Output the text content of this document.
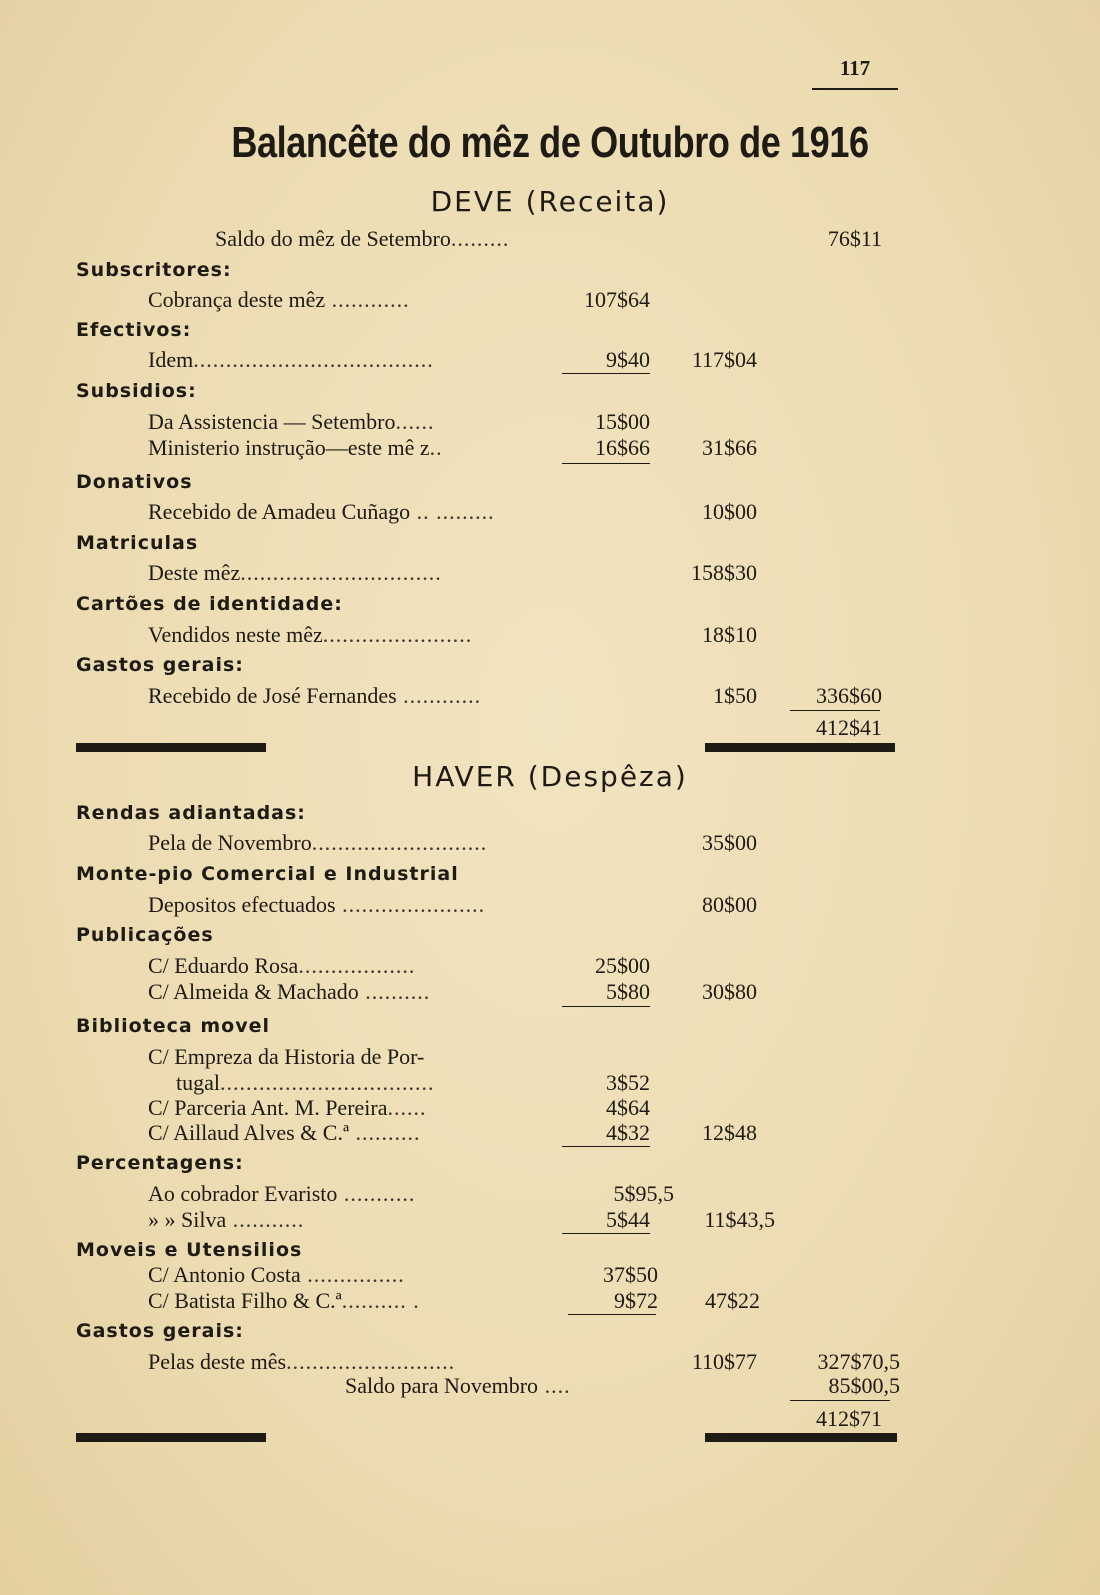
117
Balancête do mêz de Outubro de 1916
DEVE (Receita)
Saldo do mêz de Setembro.........	76$11
Subscritores:
Cobrança deste mêz ............	107$64
Efectivos:
Idem.....................................	9$40 117$04
Subsidios:
Da Assistencia — Setembro......	15$00
Ministerio instrução—este mê z..	16$66 31$66
Donativos
Recebido de Amadeu Cuñago .. .........	10$00
Matriculas
Deste mêz...............................	158$30
Cartões de identidade:
Vendidos neste mêz.......................	18$10
Gastos gerais:
Recebido de José Fernandes ............	1$50	336$60
412$41
HAVER (Despêza)
Rendas adiantadas:
Pela de Novembro...........................	35$00
Monte-pio Comercial e Industrial
Depositos efectuados ......................	80$00
Publicações
C/ Eduardo Rosa..................	25$00
C/ Almeida & Machado ..........	5$80 30$80
Biblioteca movel
C/ Empreza da Historia de Por-
tugal.................................	3$52
C/ Parceria Ant. M. Pereira......	4$64
C/ Aillaud Alves & C.ª ..........	4$32 12$48
Percentagens:
Ao cobrador Evaristo ...........	5$95,5
» » Silva ...........	5$44 11$43,5
Moveis e Utensilios
C/ Antonio Costa ...............	37$50
C/ Batista Filho & C.ª.......... .	9$72 47$22
Gastos gerais:
Pelas deste mês..........................	110$77	327$70,5
Saldo para Novembro ....	85$00,5
412$71
